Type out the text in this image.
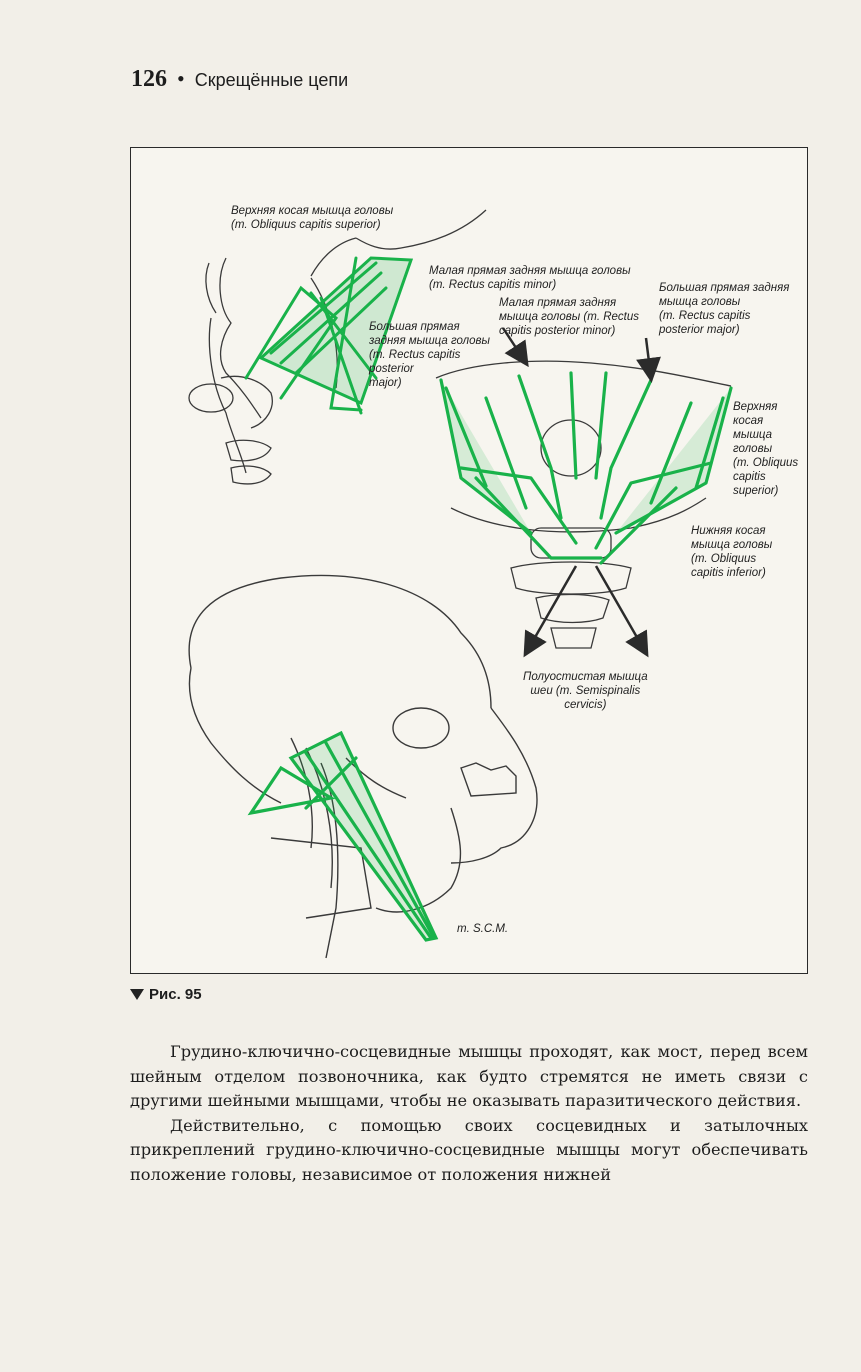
126 • Скрещённые цепи
Верхняя косая мышца головы
(m. Obliquus capitis superior)
Малая прямая задняя мышца головы
(m. Rectus capitis minor)
Большая прямая
задняя мышца головы
(m. Rectus capitis
posterior
major)
Малая прямая задняя
мышца головы (m. Rectus
capitis posterior minor)
Большая прямая задняя
мышца головы
(m. Rectus capitis
posterior major)
Верхняя
косая
мышца
головы
(m. Obliquus
capitis
superior)
Нижняя косая
мышца головы
(m. Obliquus
capitis inferior)
Полуостистая мышца
шеи (m. Semispinalis
cervicis)
m. S.C.M.
Рис. 95

Грудино-ключично-сосцевидные мышцы проходят, как мост, перед всем шейным отделом позвоночника, как будто стремятся не иметь связи с другими шейными мышцами, чтобы не оказывать паразитического действия.

Действительно, с помощью своих сосцевидных и затылочных прикреплений грудино-ключично-сосцевидные мышцы могут обеспечивать положение головы, независимое от положения нижней
